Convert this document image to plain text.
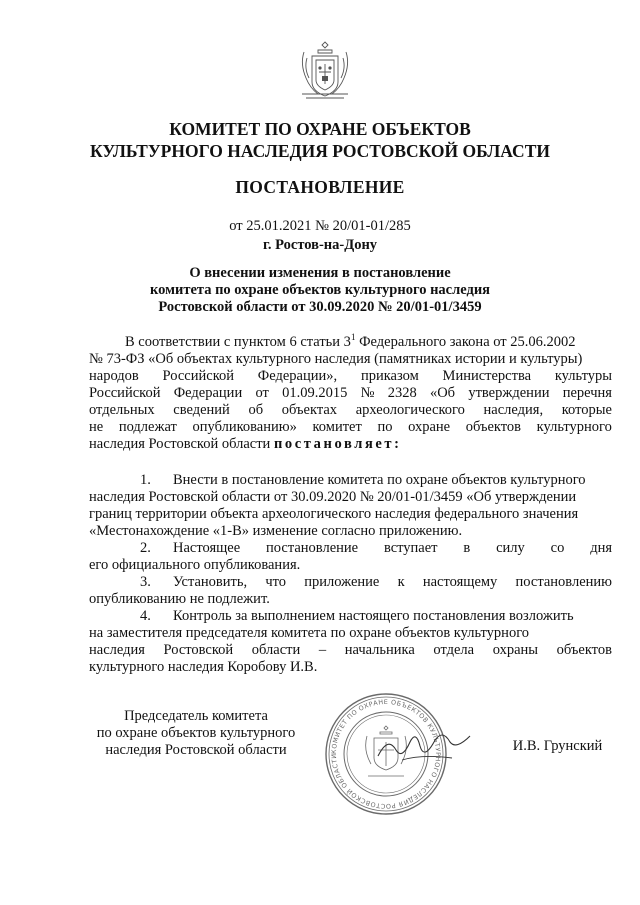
КОМИТЕТ ПО ОХРАНЕ ОБЪЕКТОВ
КУЛЬТУРНОГО НАСЛЕДИЯ РОСТОВСКОЙ ОБЛАСТИ
ПОСТАНОВЛЕНИЕ
от 25.01.2021 № 20/01-01/285
г. Ростов-на-Дону
О внесении изменения в постановление
комитета по охране объектов культурного наследия
Ростовской области от 30.09.2020 № 20/01-01/3459
В соответствии с пунктом 6 статьи $3^1$ Федерального закона от 25.06.2002
№ 73-ФЗ «Об объектах культурного наследия (памятниках истории и культуры)
народов Российской Федерации», приказом Министерства культуры
Российской Федерации от 01.09.2015 № 2328 «Об утверждении перечня
отдельных сведений об объектах археологического наследия, которые
не подлежат опубликованию» комитет по охране объектов культурного
наследия Ростовской области постановляет:
1. Внести в постановление комитета по охране объектов культурного
наследия Ростовской области от 30.09.2020 № 20/01-01/3459 «Об утверждении
границ территории объекта археологического наследия федерального значения
«Местонахождение «1-В» изменение согласно приложению.
2. Настоящее постановление вступает в силу со дня
его официального опубликования.
3. Установить, что приложение к настоящему постановлению
опубликованию не подлежит.
4. Контроль за выполнением настоящего постановления возложить
на заместителя председателя комитета по охране объектов культурного
наследия Ростовской области – начальника отдела охраны объектов
культурного наследия Коробову И.В.
Председатель комитета
по охране объектов культурного
наследия Ростовской области	КОМИТЕТ ПО ОХРАНЕ ОБЪЕКТОВ КУЛЬТУРНОГО НАСЛЕДИЯ РОСТОВСКОЙ ОБЛАСТИ
И.В. Грунский
